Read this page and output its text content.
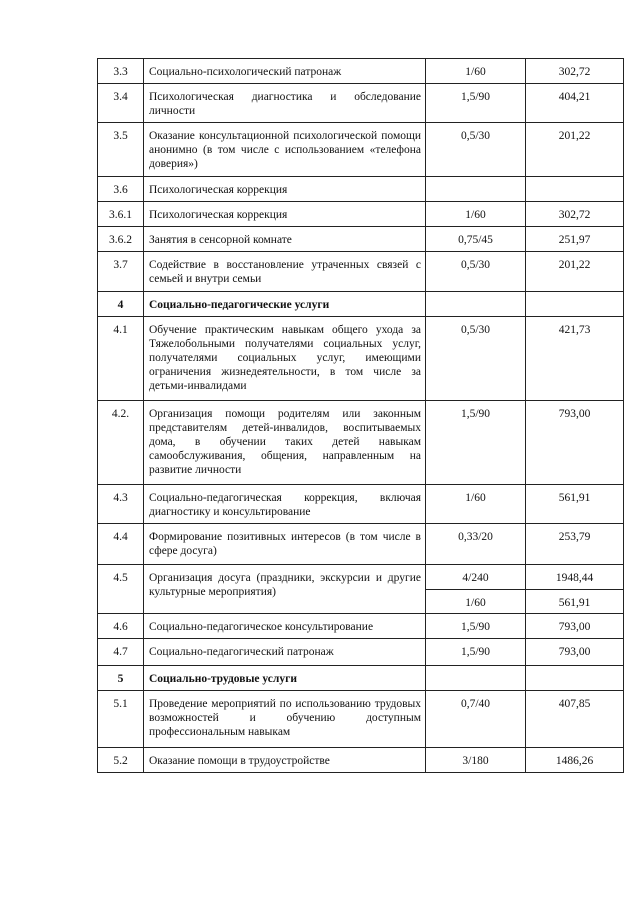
3.3	Социально-психологический патронаж	1/60	302,72
3.4	Психологическая диагностика и обследование личности	1,5/90	404,21
3.5	Оказание консультационной психологической помощи анонимно (в том числе с использованием «телефона доверия»)	0,5/30	201,22
3.6	Психологическая коррекция		
3.6.1	Психологическая коррекция	1/60	302,72
3.6.2	Занятия в сенсорной комнате	0,75/45	251,97
3.7	Содействие в восстановление утраченных связей с семьей и внутри семьи	0,5/30	201,22
4	Социально-педагогические услуги		
4.1	Обучение практическим навыкам общего ухода за Тяжелобольными получателями социальных услуг, получателями социальных услуг, имеющими ограничения жизнедеятельности, в том числе за детьми-инвалидами	0,5/30	421,73
4.2.	Организация помощи родителям или законным представителям детей-инвалидов, воспитываемых дома, в обучении таких детей навыкам самообслуживания, общения, направленным на развитие личности	1,5/90	793,00
4.3	Социально-педагогическая коррекция, включая диагностику и консультирование	1/60	561,91
4.4	Формирование позитивных интересов (в том числе в сфере досуга)	0,33/20	253,79
4.5	Организация досуга (праздники, экскурсии и другие культурные мероприятия)	4/240	1948,44
		1/60	561,91
4.6	Социально-педагогическое консультирование	1,5/90	793,00
4.7	Социально-педагогический патронаж	1,5/90	793,00
5	Социально-трудовые услуги		
5.1	Проведение мероприятий по использованию трудовых возможностей и обучению доступным профессиональным навыкам	0,7/40	407,85
5.2	Оказание помощи в трудоустройстве	3/180	1486,26
